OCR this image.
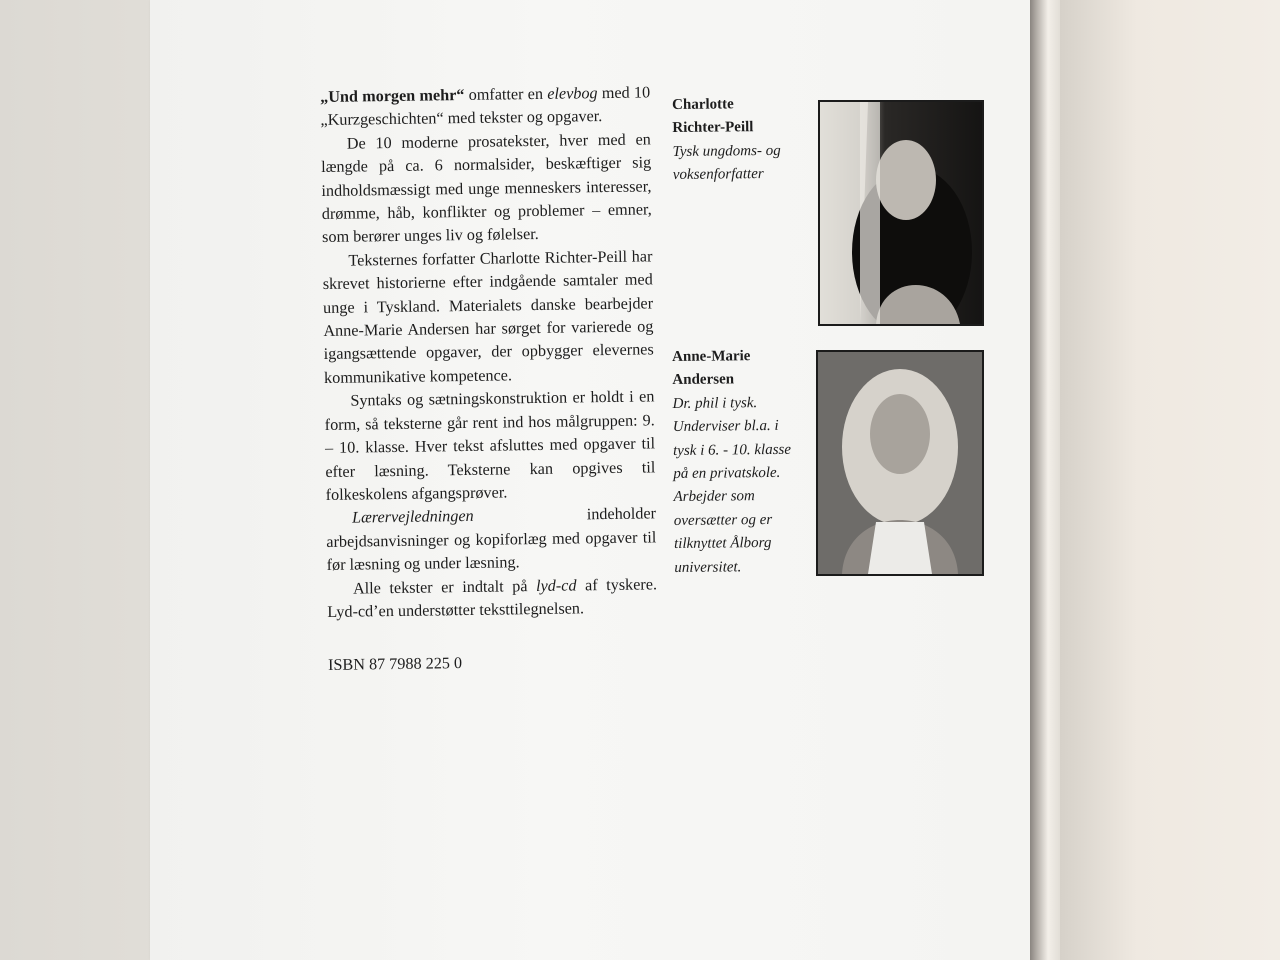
„Und morgen mehr“ omfatter en elevbog med 10 „Kurzgeschichten“ med tekster og opgaver.

De 10 moderne prosatekster, hver med en længde på ca. 6 normalsider, beskæftiger sig indholdsmæssigt med unge menneskers interesser, drømme, håb, konflikter og problemer – emner, som berører unges liv og følelser.

Teksternes forfatter Charlotte Richter-Peill har skrevet historierne efter indgående samtaler med unge i Tyskland. Materialets danske bearbejder Anne-Marie Andersen har sørget for varierede og igangsættende opgaver, der opbygger elevernes kommunikative kompetence.

Syntaks og sætningskonstruktion er holdt i en form, så teksterne går rent ind hos målgruppen: 9. – 10. klasse. Hver tekst afsluttes med opgaver til efter læsning. Teksterne kan opgives til folkeskolens afgangsprøver.

Lærervejledningen indeholder arbejdsanvisninger og kopiforlæg med opgaver til før læsning og under læsning.

Alle tekster er indtalt på lyd-cd af tyskere. Lyd-cd’en understøtter teksttilegnelsen.

ISBN 87 7988 225 0

Charlotte
Richter-Peill
Tysk ungdoms- og
voksenforfatter
Anne-Marie
Andersen
Dr. phil i tysk.
Underviser bl.a. i
tysk i 6. - 10. klasse
på en privatskole.
Arbejder som
oversætter og er
tilknyttet Ålborg
universitet.
